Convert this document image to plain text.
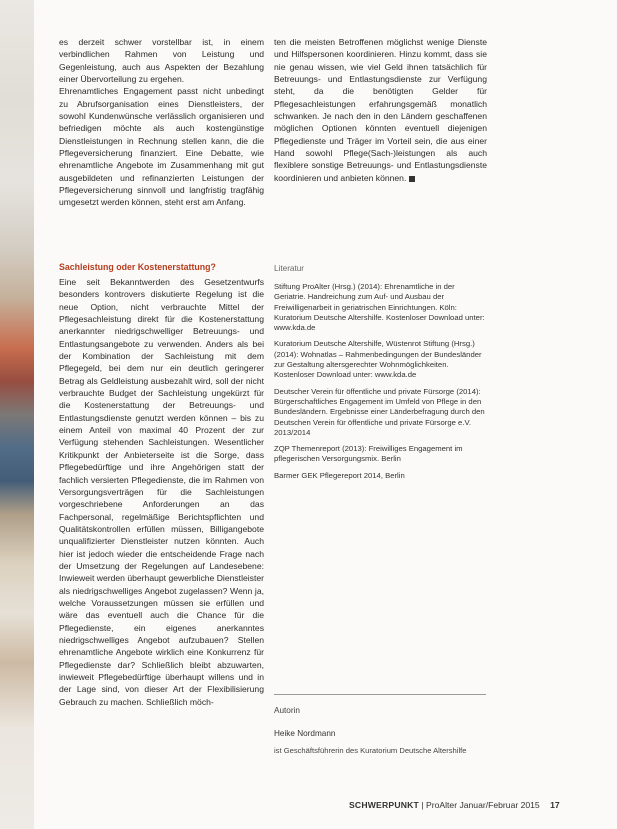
es derzeit schwer vorstellbar ist, in einem verbindlichen Rahmen von Leistung und Gegenleistung, auch aus Aspekten der Bezahlung einer Übervorteilung zu ergehen.

Ehrenamtliches Engagement passt nicht unbedingt zu Abrufsorganisation eines Dienstleisters, der sowohl Kundenwünsche verlässlich organisieren und befriedigen möchte als auch kostengünstige Dienstleistungen in Rechnung stellen kann, die die Pflegeversicherung finanziert. Eine Debatte, wie ehrenamtliche Angebote im Zusammenhang mit gut ausgebildeten und refinanzierten Leistungen der Pflegeversicherung sinnvoll und langfristig tragfähig umgesetzt werden können, steht erst am Anfang.

Sachleistung oder Kostenerstattung?

Eine seit Bekanntwerden des Gesetzentwurfs besonders kontrovers diskutierte Regelung ist die neue Option, nicht verbrauchte Mittel der Pflegesachleistung direkt für die Kostenerstattung anerkannter niedrigschwelliger Betreuungs- und Entlastungsangebote zu verwenden. Anders als bei der Kombination der Sachleistung mit dem Pflegegeld, bei dem nur ein deutlich geringerer Betrag als Geldleistung ausbezahlt wird, soll der nicht verbrauchte Budget der Sachleistung ungekürzt für die Kostenerstattung der Betreuungs- und Entlastungsdienste genutzt werden können – bis zu einem Anteil von maximal 40 Prozent der zur Verfügung stehenden Sachleistungen. Wesentlicher Kritikpunkt der Anbieterseite ist die Sorge, dass Pflegebedürftige und ihre Angehörigen statt der fachlich versierten Pflegedienste, die im Rahmen von Versorgungsverträgen für die Sachleistungen vorgeschriebene Anforderungen an das Fachpersonal, regelmäßige Berichtspflichten und Qualitätskontrollen erfüllen müssen, Billigangebote unqualifizierter Dienstleister nutzen könnten. Auch hier ist jedoch wieder die entscheidende Frage nach der Umsetzung der Regelungen auf Landesebene: Inwieweit werden überhaupt gewerbliche Dienstleister als niedrigschwelliges Angebot zugelassen? Wenn ja, welche Voraussetzungen müssen sie erfüllen und wäre das eventuell auch die Chance für die Pflegedienste, ein eigenes anerkanntes niedrigschwelliges Angebot aufzubauen? Stellen ehrenamtliche Angebote wirklich eine Konkurrenz für Pflegedienste dar? Schließlich bleibt abzuwarten, inwieweit Pflegebedürftige überhaupt willens und in der Lage sind, von dieser Art der Flexibilisierung Gebrauch zu machen. Schließlich möch-

ten die meisten Betroffenen möglichst wenige Dienste und Hilfspersonen koordinieren. Hinzu kommt, dass sie nie genau wissen, wie viel Geld ihnen tatsächlich für Betreuungs- und Entlastungsdienste zur Verfügung steht, da die benötigten Gelder für Pflegesachleistungen erfahrungsgemäß monatlich schwanken. Je nach den in den Ländern geschaffenen möglichen Optionen könnten eventuell diejenigen Pflegedienste und Träger im Vorteil sein, die aus einer Hand sowohl Pflege(Sach-)leistungen als auch flexiblere sonstige Betreuungs- und Entlastungsdienste koordinieren und anbieten können.

Literatur

Stiftung ProAlter (Hrsg.) (2014): Ehrenamtliche in der Geriatrie. Handreichung zum Auf- und Ausbau der Freiwilligenarbeit in geriatrischen Einrichtungen. Köln: Kuratorium Deutsche Altershilfe. Kostenloser Download unter: www.kda.de

Kuratorium Deutsche Altershilfe, Wüstenrot Stiftung (Hrsg.) (2014): Wohnatlas – Rahmenbedingungen der Bundesländer zur Gestaltung altersgerechter Wohnmöglichkeiten. Kostenloser Download unter: www.kda.de

Deutscher Verein für öffentliche und private Fürsorge (2014): Bürgerschaftliches Engagement im Umfeld von Pflege in den Bundesländern. Ergebnisse einer Länderbefragung durch den Deutschen Verein für öffentliche und private Fürsorge e.V. 2013/2014

ZQP Themenreport (2013): Freiwilliges Engagement im pflegerischen Versorgungsmix. Berlin

Barmer GEK Pflegereport 2014, Berlin

Autorin
Heike Nordmann
ist Geschäftsführerin des Kuratorium Deutsche Altershilfe
SCHWERPUNKT | ProAlter Januar/Februar 2015 17
